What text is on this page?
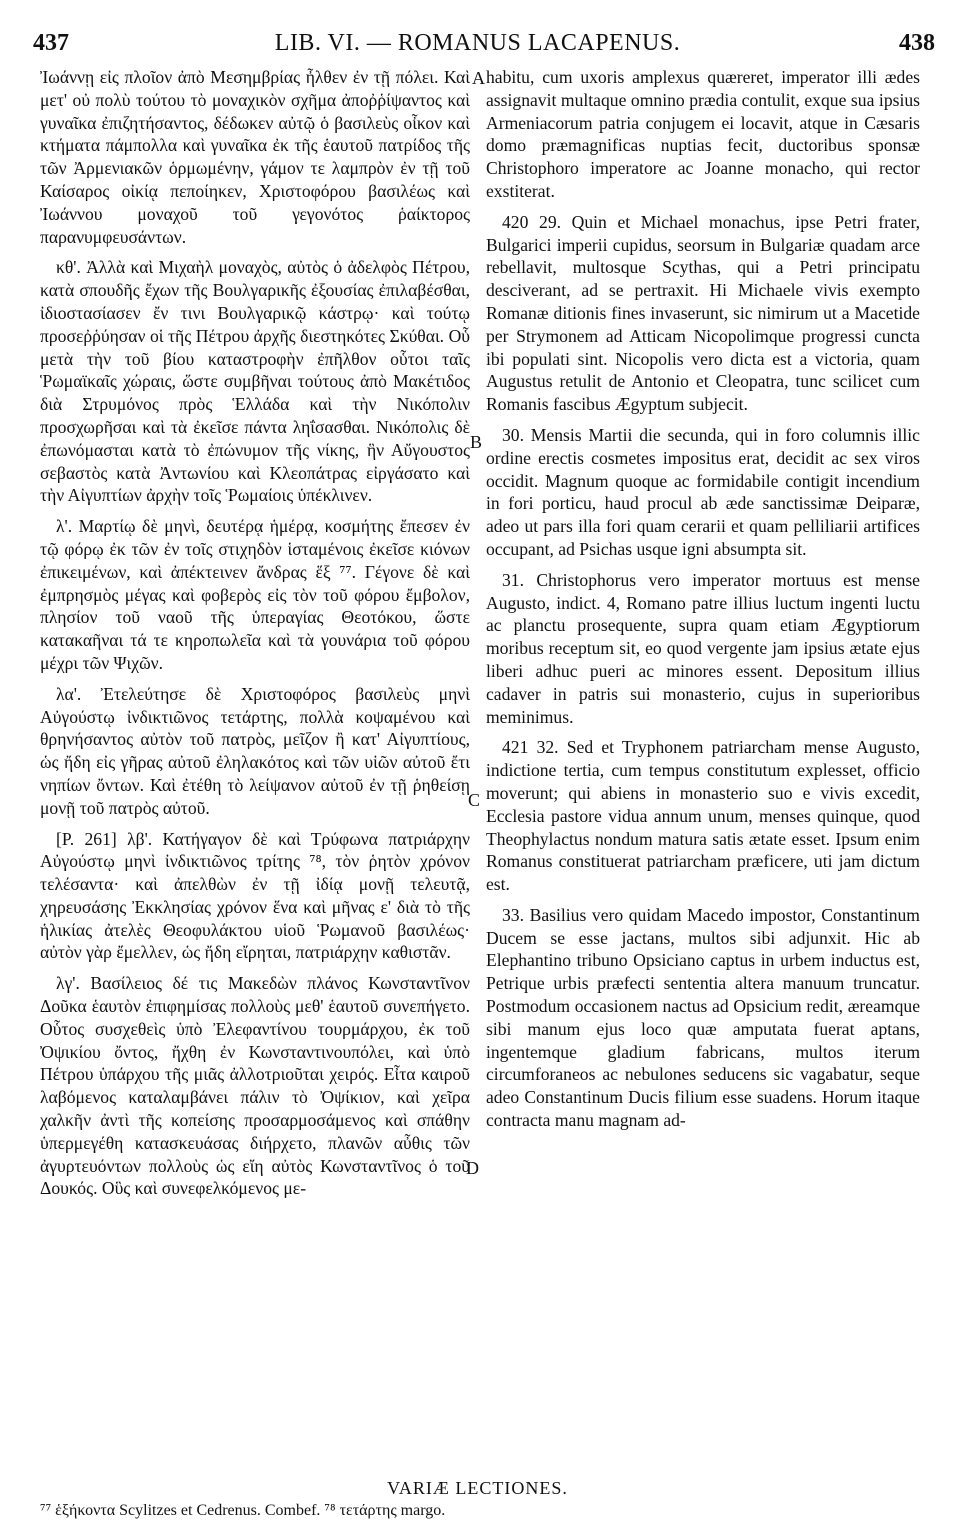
437	LIB. VI. — ROMANUS LACAPENUS.	438

Ἰωάννῃ εἰς πλοῖον ἀπὸ Μεσημβρίας ἦλθεν ἐν τῇ πόλει. Καὶ μετ' οὐ πολὺ τούτου τὸ μοναχικὸν σχῆμα ἀποῤῥίψαντος καὶ γυναῖκα ἐπιζητήσαντος, δέδωκεν αὐτῷ ὁ βασιλεὺς οἶκον καὶ κτήματα πάμπολλα καὶ γυναῖκα ἐκ τῆς ἑαυτοῦ πατρίδος τῆς τῶν Ἀρμενιακῶν ὁρμωμένην, γάμον τε λαμπρὸν ἐν τῇ τοῦ Καίσαρος οἰκίᾳ πεποίηκεν, Χριστοφόρου βασιλέως καὶ Ἰωάννου μοναχοῦ τοῦ γεγονότος ῥαίκτορος παρανυμφευσάντων.

κθ'. Ἀλλὰ καὶ Μιχαὴλ μοναχὸς, αὐτὸς ὁ ἀδελφὸς Πέτρου, κατὰ σπουδῆς ἔχων τῆς Βουλγαρικῆς ἐξουσίας ἐπιλαβέσθαι, ἰδιοστασίασεν ἔν τινι Βουλγαρικῷ κάστρῳ· καὶ τούτῳ προσεῤῥύησαν οἱ τῆς Πέτρου ἀρχῆς διεστηκότες Σκύθαι. Οὗ μετὰ τὴν τοῦ βίου καταστροφὴν ἐπῆλθον οὗτοι ταῖς Ῥωμαϊκαῖς χώραις, ὥστε συμβῆναι τούτους ἀπὸ Μακέτιδος διὰ Στρυμόνος πρὸς Ἑλλάδα καὶ τὴν Νικόπολιν προσχωρῆσαι καὶ τὰ ἐκεῖσε πάντα ληΐσασθαι. Νικόπολις δὲ ἐπωνόμασται κατὰ τὸ ἐπώνυμον τῆς νίκης, ἣν Αὔγουστος σεβαστὸς κατὰ Ἀντωνίου καὶ Κλεοπάτρας εἰργάσατο καὶ τὴν Αἰγυπτίων ἀρχὴν τοῖς Ῥωμαίοις ὑπέκλινεν.

λ'. Μαρτίῳ δὲ μηνὶ, δευτέρᾳ ἡμέρᾳ, κοσμήτης ἔπεσεν ἐν τῷ φόρῳ ἐκ τῶν ἐν τοῖς στιχηδὸν ἱσταμένοις ἐκεῖσε κιόνων ἐπικειμένων, καὶ ἀπέκτεινεν ἄνδρας ἕξ ⁷⁷. Γέγονε δὲ καὶ ἐμπρησμὸς μέγας καὶ φοβερὸς εἰς τὸν τοῦ φόρου ἔμβολον, πλησίον τοῦ ναοῦ τῆς ὑπεραγίας Θεοτόκου, ὥστε κατακαῆναι τά τε κηροπωλεῖα καὶ τὰ γουνάρια τοῦ φόρου μέχρι τῶν Ψιχῶν.

λα'. Ἐτελεύτησε δὲ Χριστοφόρος βασιλεὺς μηνὶ Αὐγούστῳ ἰνδικτιῶνος τετάρτης, πολλὰ κοψαμένου καὶ θρηνήσαντος αὐτὸν τοῦ πατρὸς, μεῖζον ἢ κατ' Αἰγυπτίους, ὡς ἤδη εἰς γῆρας αὐτοῦ ἐληλακότος καὶ τῶν υἱῶν αὐτοῦ ἔτι νηπίων ὄντων. Καὶ ἐτέθη τὸ λείψανον αὐτοῦ ἐν τῇ ῥηθείσῃ μονῇ τοῦ πατρὸς αὐτοῦ.

[P. 261] λβ'. Κατήγαγον δὲ καὶ Τρύφωνα πατριάρχην Αὐγούστῳ μηνὶ ἰνδικτιῶνος τρίτης ⁷⁸, τὸν ῥητὸν χρόνον τελέσαντα· καὶ ἀπελθὼν ἐν τῇ ἰδίᾳ μονῇ τελευτᾷ, χηρευσάσης Ἐκκλησίας χρόνον ἕνα καὶ μῆνας ε' διὰ τὸ τῆς ἡλικίας ἀτελὲς Θεοφυλάκτου υἱοῦ Ῥωμανοῦ βασιλέως· αὐτὸν γὰρ ἔμελλεν, ὡς ἤδη εἴρηται, πατριάρχην καθιστᾶν.

λγ'. Βασίλειος δέ τις Μακεδὼν πλάνος Κωνσταντῖνον Δοῦκα ἑαυτὸν ἐπιφημίσας πολλοὺς μεθ' ἑαυτοῦ συνεπήγετο. Οὗτος συσχεθεὶς ὑπὸ Ἐλεφαντίνου τουρμάρχου, ἐκ τοῦ Ὀψικίου ὄντος, ἤχθη ἐν Κωνσταντινουπόλει, καὶ ὑπὸ Πέτρου ὑπάρχου τῆς μιᾶς ἀλλοτριοῦται χειρός. Εἶτα καιροῦ λαβόμενος καταλαμβάνει πάλιν τὸ Ὀψίκιον, καὶ χεῖρα χαλκῆν ἀντὶ τῆς κοπείσης προσαρμοσάμενος καὶ σπάθην ὑπερμεγέθη κατασκευάσας διήρχετο, πλανῶν αὖθις τῶν ἀγυρτευόντων πολλοὺς ὡς εἴη αὐτὸς Κωνσταντῖνος ὁ τοῦ Δουκός. Οὓς καὶ συνεφελκόμενος με-

A
B
C
D

habitu, cum uxoris amplexus quæreret, imperator illi ædes assignavit multaque omnino prædia contulit, exque sua ipsius Armeniacorum patria conjugem ei locavit, atque in Cæsaris domo præmagnificas nuptias fecit, ductoribus sponsæ Christophoro imperatore ac Joanne monacho, qui rector exstiterat.

420 29. Quin et Michael monachus, ipse Petri frater, Bulgarici imperii cupidus, seorsum in Bulgariæ quadam arce rebellavit, multosque Scythas, qui a Petri principatu desciverant, ad se pertraxit. Hi Michaele vivis exempto Romanæ ditionis fines invaserunt, sic nimirum ut a Macetide per Strymonem ad Atticam Nicopolimque progressi cuncta ibi populati sint. Nicopolis vero dicta est a victoria, quam Augustus retulit de Antonio et Cleopatra, tunc scilicet cum Romanis fascibus Ægyptum subjecit.

30. Mensis Martii die secunda, qui in foro columnis illic ordine erectis cosmetes impositus erat, decidit ac sex viros occidit. Magnum quoque ac formidabile contigit incendium in fori porticu, haud procul ab æde sanctissimæ Deiparæ, adeo ut pars illa fori quam cerarii et quam pelliliarii artifices occupant, ad Psichas usque igni absumpta sit.

31. Christophorus vero imperator mortuus est mense Augusto, indict. 4, Romano patre illius luctum ingenti luctu ac planctu prosequente, supra quam etiam Ægyptiorum moribus receptum sit, eo quod vergente jam ipsius ætate ejus liberi adhuc pueri ac minores essent. Depositum illius cadaver in patris sui monasterio, cujus in superioribus meminimus.

421 32. Sed et Tryphonem patriarcham mense Augusto, indictione tertia, cum tempus constitutum explesset, officio moverunt; qui abiens in monasterio suo e vivis excedit, Ecclesia pastore vidua annum unum, menses quinque, quod Theophylactus nondum matura satis ætate esset. Ipsum enim Romanus constituerat patriarcham præficere, uti jam dictum est.

33. Basilius vero quidam Macedo impostor, Constantinum Ducem se esse jactans, multos sibi adjunxit. Hic ab Elephantino tribuno Opsiciano captus in urbem inductus est, Petrique urbis præfecti sententia altera manuum truncatur. Postmodum occasionem nactus ad Opsicium redit, æreamque sibi manum ejus loco quæ amputata fuerat aptans, ingentemque gladium fabricans, multos iterum circumforaneos ac nebulones seducens sic vagabatur, seque adeo Constantinum Ducis filium esse suadens. Horum itaque contracta manu magnam ad-

VARIÆ LECTIONES.
⁷⁷ ἑξήκοντα Scylitzes et Cedrenus. Combef. ⁷⁸ τετάρτης margo.
